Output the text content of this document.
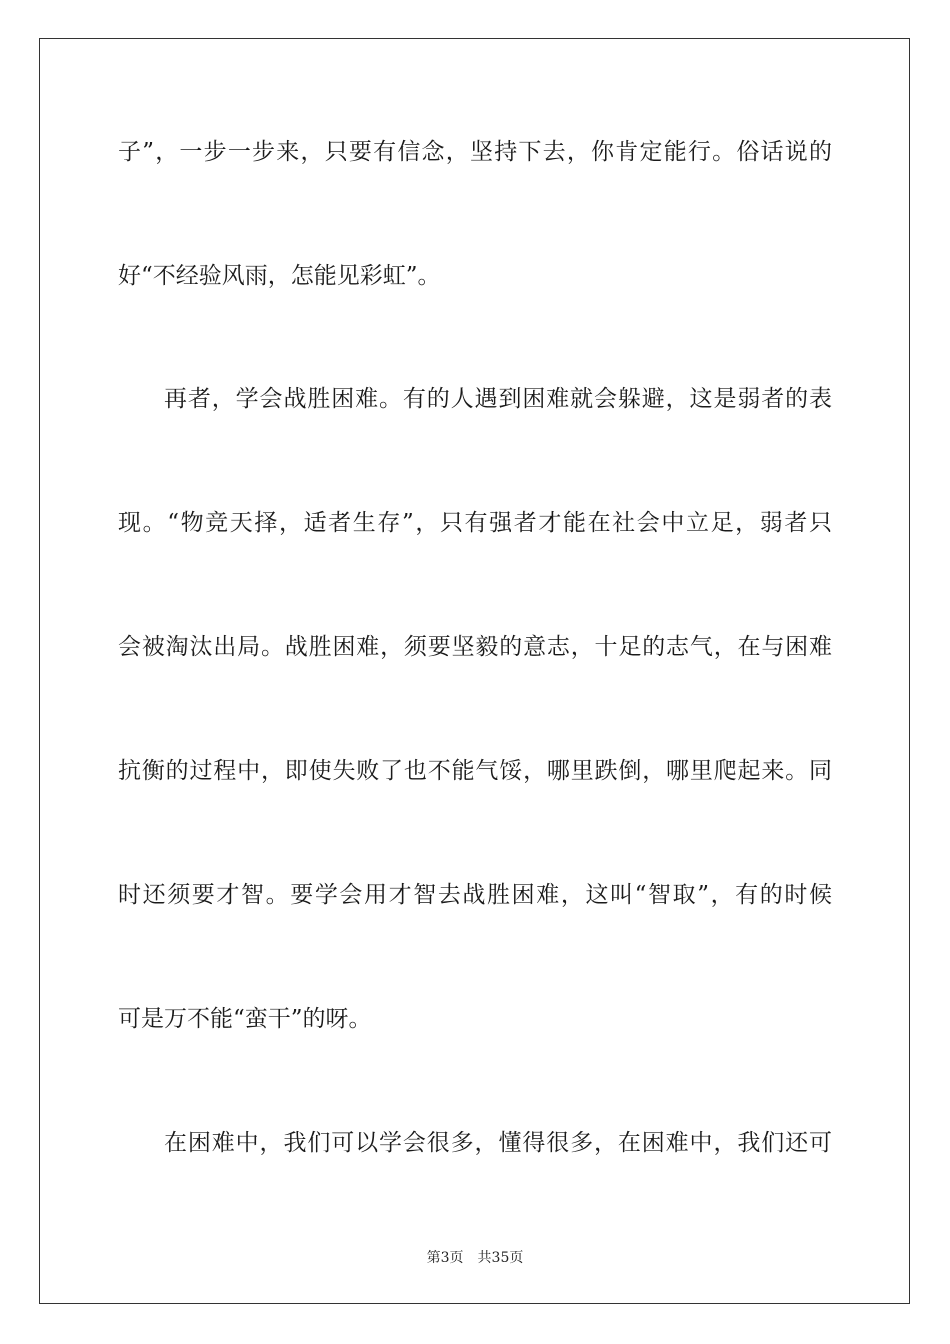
子”，一步一步来，只要有信念，坚持下去，你肯定能行。俗话说的
好“不经验风雨，怎能见彩虹”。
再者，学会战胜困难。有的人遇到困难就会躲避，这是弱者的表
现。“物竞天择，适者生存”，只有强者才能在社会中立足，弱者只
会被淘汰出局。战胜困难，须要坚毅的意志，十足的志气，在与困难
抗衡的过程中，即使失败了也不能气馁，哪里跌倒，哪里爬起来。同
时还须要才智。要学会用才智去战胜困难，这叫“智取”，有的时候
可是万不能“蛮干”的呀。
在困难中，我们可以学会很多，懂得很多，在困难中，我们还可
第3页 共35页
